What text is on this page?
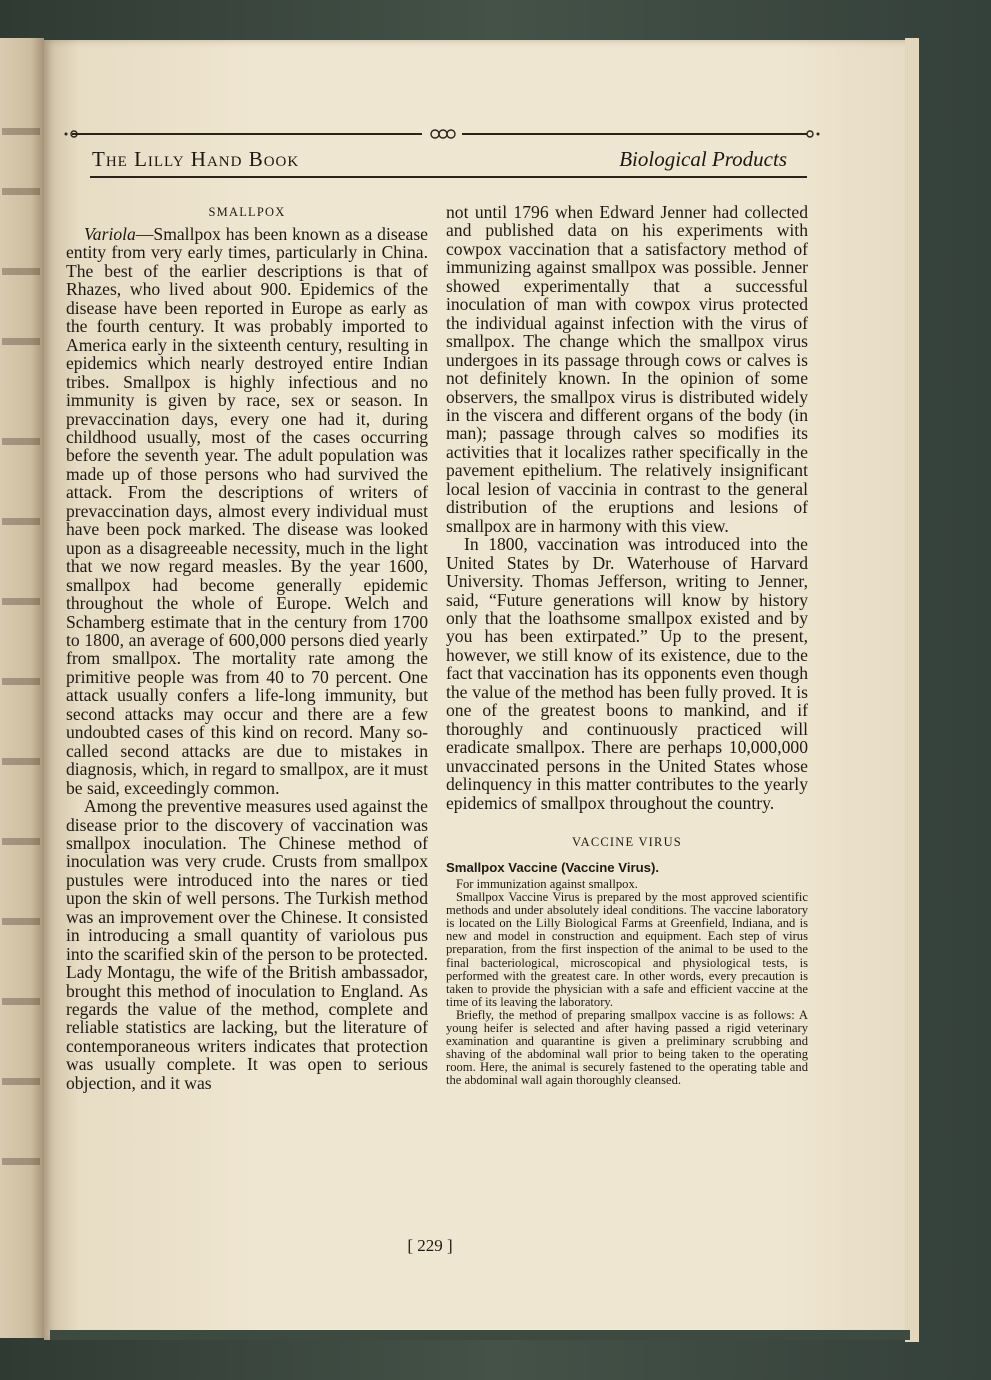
The Lilly Hand Book	Biological Products

SMALLPOX

Variola—Smallpox has been known as a disease entity from very early times, particularly in China. The best of the earlier descriptions is that of Rhazes, who lived about 900. Epidemics of the disease have been reported in Europe as early as the fourth century. It was probably imported to America early in the sixteenth century, resulting in epidemics which nearly destroyed entire Indian tribes. Smallpox is highly infectious and no immunity is given by race, sex or season. In prevaccination days, every one had it, during childhood usually, most of the cases occurring before the seventh year. The adult population was made up of those persons who had survived the attack. From the descriptions of writers of prevaccination days, almost every individual must have been pock marked. The disease was looked upon as a disagreeable necessity, much in the light that we now regard measles. By the year 1600, smallpox had become generally epidemic throughout the whole of Europe. Welch and Schamberg estimate that in the century from 1700 to 1800, an average of 600,000 persons died yearly from smallpox. The mortality rate among the primitive people was from 40 to 70 percent. One attack usually confers a life-long immunity, but second attacks may occur and there are a few undoubted cases of this kind on record. Many so-called second attacks are due to mistakes in diagnosis, which, in regard to smallpox, are it must be said, exceedingly common.

Among the preventive measures used against the disease prior to the discovery of vaccination was smallpox inoculation. The Chinese method of inoculation was very crude. Crusts from smallpox pustules were introduced into the nares or tied upon the skin of well persons. The Turkish method was an improvement over the Chinese. It consisted in introducing a small quantity of variolous pus into the scarified skin of the person to be protected. Lady Montagu, the wife of the British ambassador, brought this method of inoculation to England. As regards the value of the method, complete and reliable statistics are lacking, but the literature of contemporaneous writers indicates that protection was usually complete. It was open to serious objection, and it was

not until 1796 when Edward Jenner had collected and published data on his experiments with cowpox vaccination that a satisfactory method of immunizing against smallpox was possible. Jenner showed experimentally that a successful inoculation of man with cowpox virus protected the individual against infection with the virus of smallpox. The change which the smallpox virus undergoes in its passage through cows or calves is not definitely known. In the opinion of some observers, the smallpox virus is distributed widely in the viscera and different organs of the body (in man); passage through calves so modifies its activities that it localizes rather specifically in the pavement epithelium. The relatively insignificant local lesion of vaccinia in contrast to the general distribution of the eruptions and lesions of smallpox are in harmony with this view.

In 1800, vaccination was introduced into the United States by Dr. Waterhouse of Harvard University. Thomas Jefferson, writing to Jenner, said, “Future generations will know by history only that the loathsome smallpox existed and by you has been extirpated.” Up to the present, however, we still know of its existence, due to the fact that vaccination has its opponents even though the value of the method has been fully proved. It is one of the greatest boons to mankind, and if thoroughly and continuously practiced will eradicate smallpox. There are perhaps 10,000,000 unvaccinated persons in the United States whose delinquency in this matter contributes to the yearly epidemics of smallpox throughout the country.

VACCINE VIRUS

Smallpox Vaccine (Vaccine Virus).

For immunization against smallpox.

Smallpox Vaccine Virus is prepared by the most approved scientific methods and under absolutely ideal conditions. The vaccine laboratory is located on the Lilly Biological Farms at Greenfield, Indiana, and is new and model in construction and equipment. Each step of virus preparation, from the first inspection of the animal to be used to the final bacteriological, microscopical and physiological tests, is performed with the greatest care. In other words, every precaution is taken to provide the physician with a safe and efficient vaccine at the time of its leaving the laboratory.

Briefly, the method of preparing smallpox vaccine is as follows: A young heifer is selected and after having passed a rigid veterinary examination and quarantine is given a preliminary scrubbing and shaving of the abdominal wall prior to being taken to the operating room. Here, the animal is securely fastened to the operating table and the abdominal wall again thoroughly cleansed.

[ 229 ]
